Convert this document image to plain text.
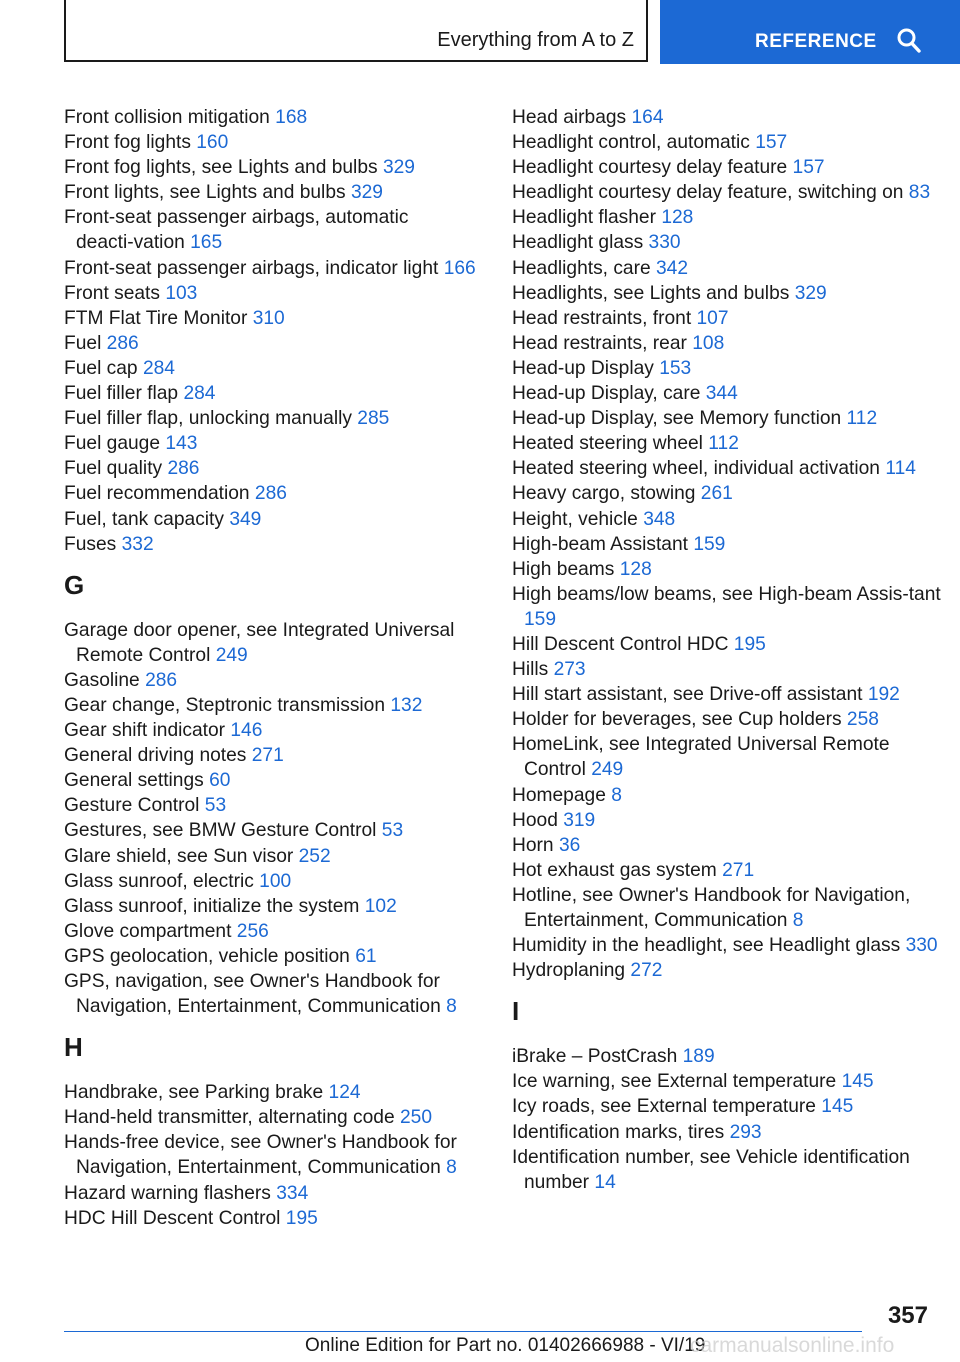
Everything from A to Z	REFERENCE
Front collision mitigation 168
Front fog lights 160
Front fog lights, see Lights and bulbs 329
Front lights, see Lights and bulbs 329
Front‑seat passenger airbags, automatic deacti‑vation 165
Front‑seat passenger airbags, indicator light 166
Front seats 103
FTM Flat Tire Monitor 310
Fuel 286
Fuel cap 284
Fuel filler flap 284
Fuel filler flap, unlocking manually 285
Fuel gauge 143
Fuel quality 286
Fuel recommendation 286
Fuel, tank capacity 349
Fuses 332
G
Garage door opener, see Integrated Universal Remote Control 249
Gasoline 286
Gear change, Steptronic transmission 132
Gear shift indicator 146
General driving notes 271
General settings 60
Gesture Control 53
Gestures, see BMW Gesture Control 53
Glare shield, see Sun visor 252
Glass sunroof, electric 100
Glass sunroof, initialize the system 102
Glove compartment 256
GPS geolocation, vehicle position 61
GPS, navigation, see Owner's Handbook for Navigation, Entertainment, Communication 8
H
Handbrake, see Parking brake 124
Hand‑held transmitter, alternating code 250
Hands‑free device, see Owner's Handbook for Navigation, Entertainment, Communication 8
Hazard warning flashers 334
HDC Hill Descent Control 195
Head airbags 164
Headlight control, automatic 157
Headlight courtesy delay feature 157
Headlight courtesy delay feature, switching on 83
Headlight flasher 128
Headlight glass 330
Headlights, care 342
Headlights, see Lights and bulbs 329
Head restraints, front 107
Head restraints, rear 108
Head‑up Display 153
Head‑up Display, care 344
Head‑up Display, see Memory function 112
Heated steering wheel 112
Heated steering wheel, individual activation 114
Heavy cargo, stowing 261
Height, vehicle 348
High‑beam Assistant 159
High beams 128
High beams/low beams, see High‑beam Assis‑tant 159
Hill Descent Control HDC 195
Hills 273
Hill start assistant, see Drive‑off assistant 192
Holder for beverages, see Cup holders 258
HomeLink, see Integrated Universal Remote Control 249
Homepage 8
Hood 319
Horn 36
Hot exhaust gas system 271
Hotline, see Owner's Handbook for Navigation, Entertainment, Communication 8
Humidity in the headlight, see Headlight glass 330
Hydroplaning 272
I
iBrake – PostCrash 189
Ice warning, see External temperature 145
Icy roads, see External temperature 145
Identification marks, tires 293
Identification number, see Vehicle identification number 14
357
Online Edition for Part no. 01402666988 - VI/19
carmanualsonline.info
